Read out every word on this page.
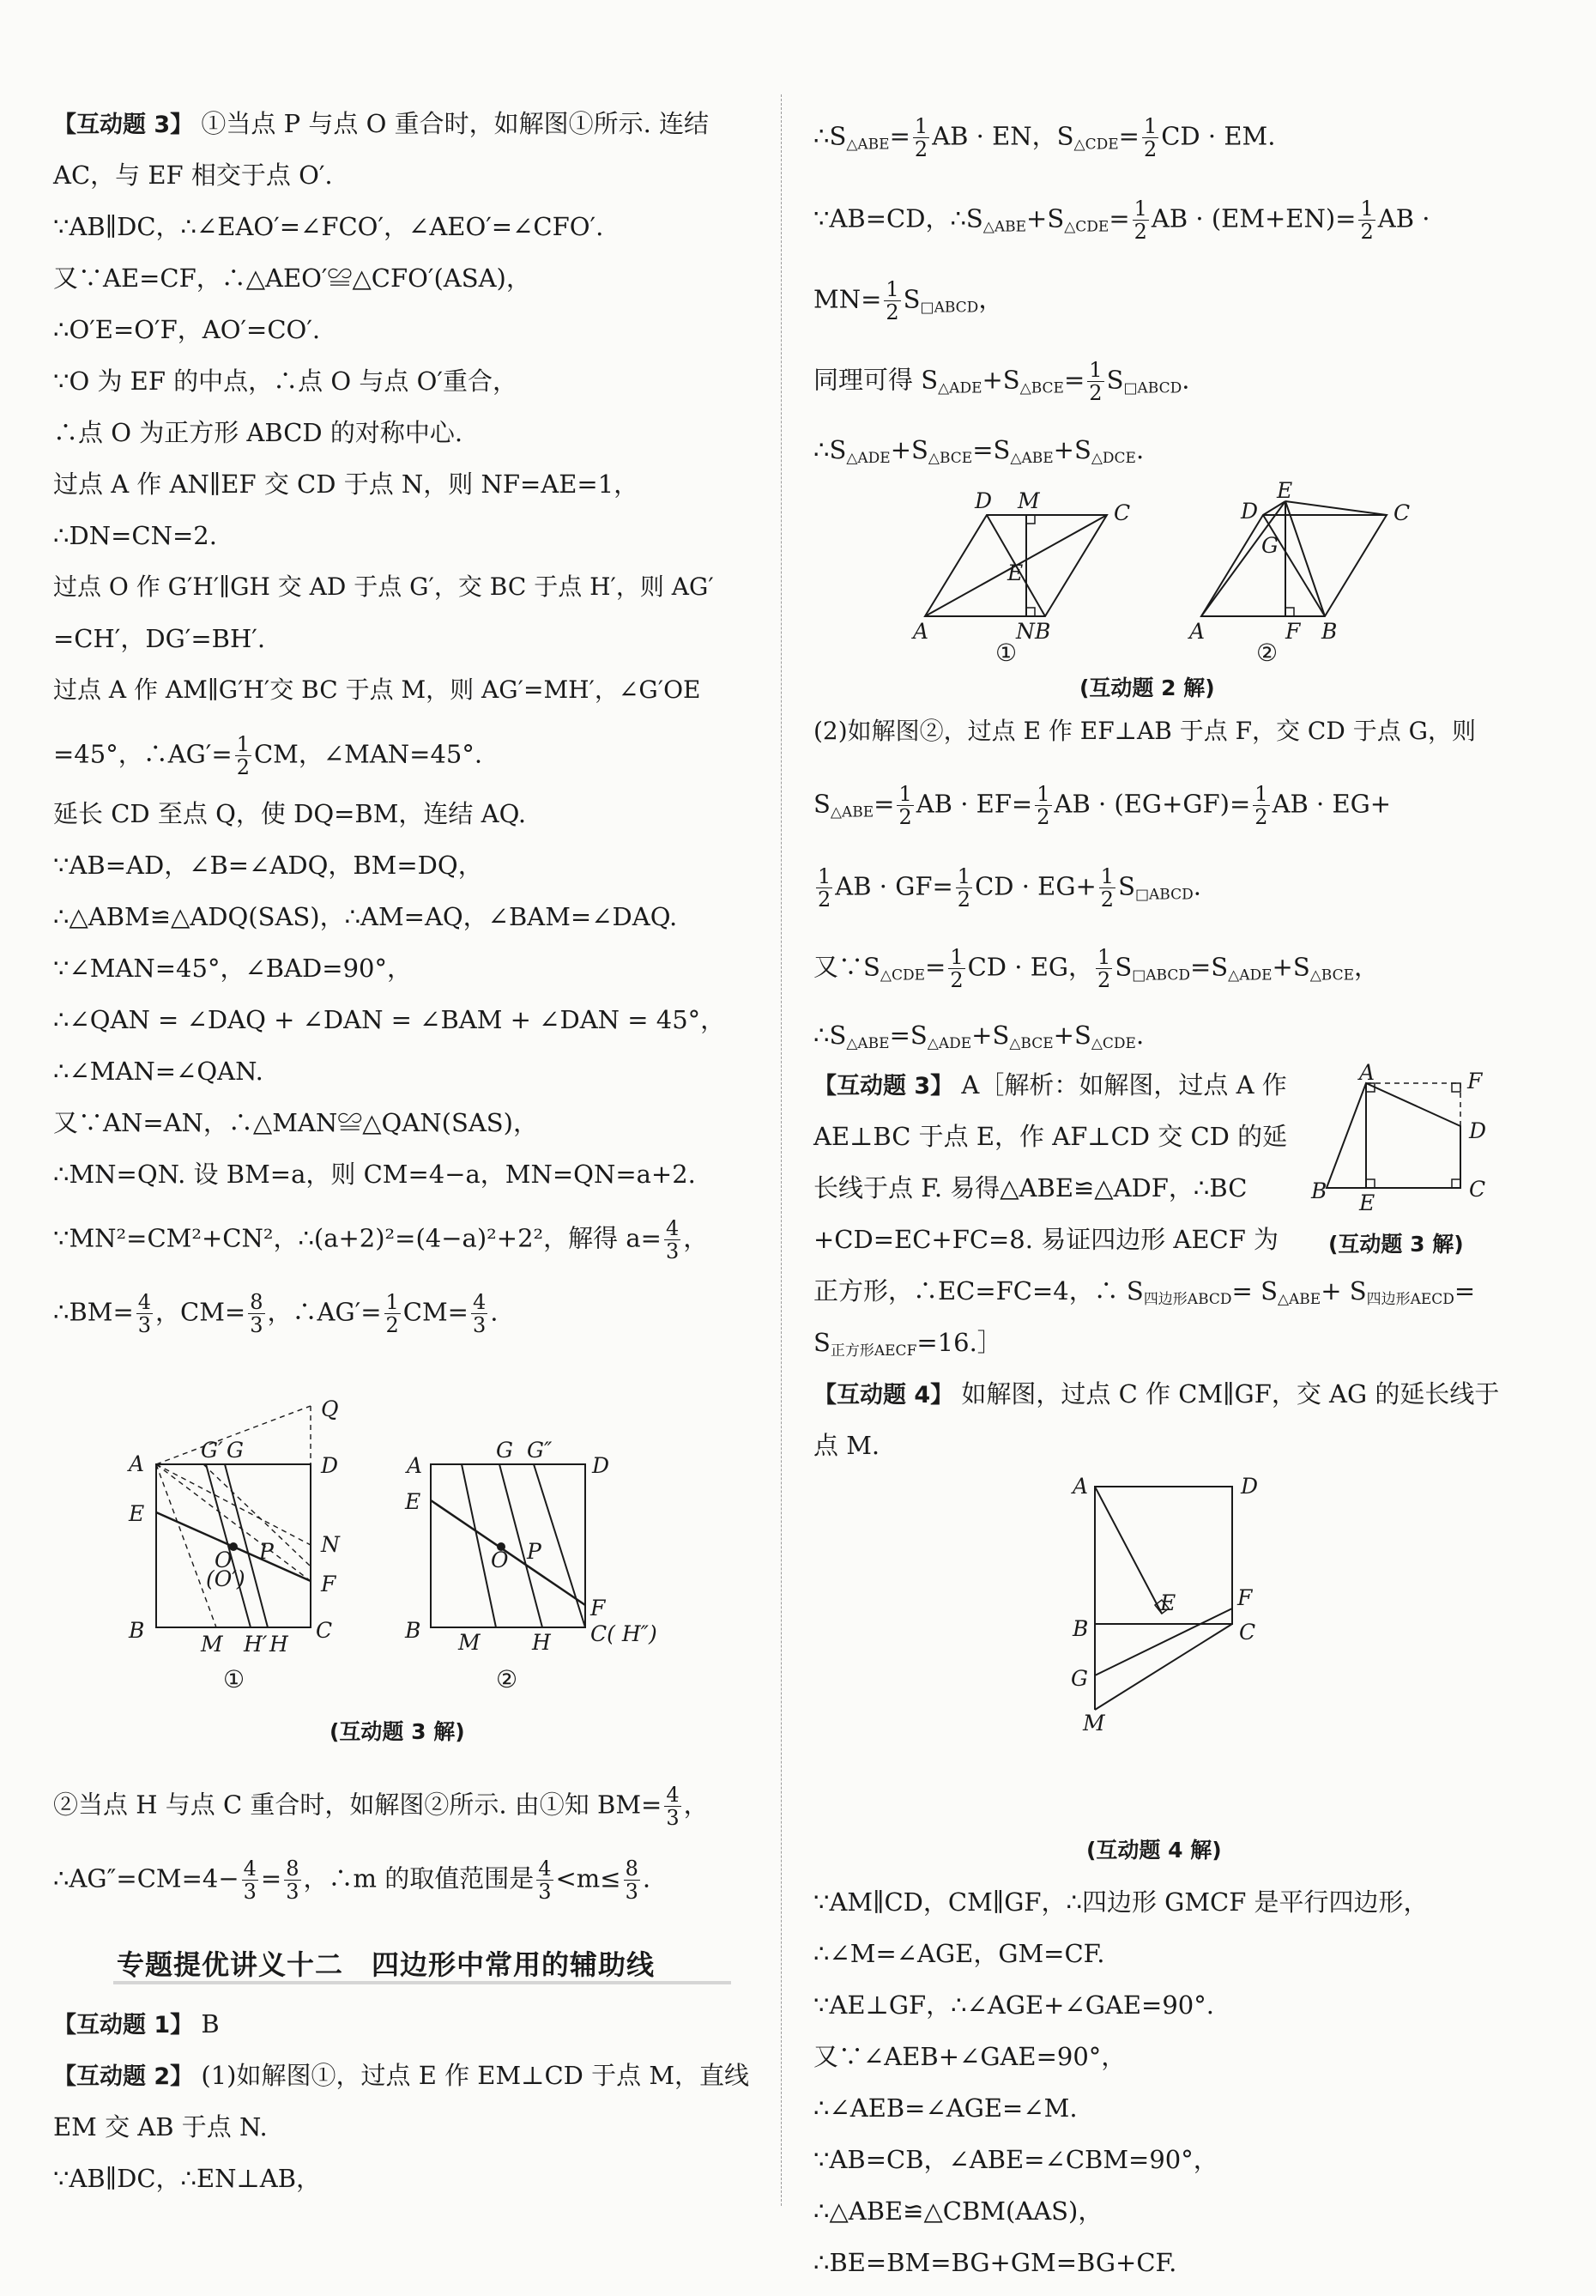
【互动题 3】 ①当点 P 与点 O 重合时，如解图①所示. 连结
AC，与 EF 相交于点 O′.
∵AB∥DC，∴∠EAO′=∠FCO′，∠AEO′=∠CFO′.
又∵AE=CF，∴△AEO′≌△CFO′(ASA)，
∴O′E=O′F，AO′=CO′.
∵O 为 EF 的中点，∴点 O 与点 O′重合，
∴点 O 为正方形 ABCD 的对称中心.
过点 A 作 AN∥EF 交 CD 于点 N，则 NF=AE=1，
∴DN=CN=2.
过点 O 作 G′H′∥GH 交 AD 于点 G′，交 BC 于点 H′，则 AG′
=CH′，DG′=BH′.
过点 A 作 AM∥G′H′交 BC 于点 M，则 AG′=MH′，∠G′OE
=45°，∴AG′= $\frac{1}{2}$ CM，∠MAN=45°.
延长 CD 至点 Q，使 DQ=BM，连结 AQ.
∵AB=AD，∠B=∠ADQ，BM=DQ，
∴△ABM≌△ADQ(SAS)，∴AM=AQ，∠BAM=∠DAQ.
∵∠MAN=45°，∠BAD=90°，
∴∠QAN = ∠DAQ + ∠DAN = ∠BAM + ∠DAN = 45°，
∴∠MAN=∠QAN.
又∵AN=AN，∴△MAN≌△QAN(SAS)，
∴MN=QN. 设 BM=a，则 CM=4−a，MN=QN=a+2.
∵MN²=CM²+CN²，∴(a+2)²=(4−a)²+2²，解得 $a= \frac{4}{3}$ ，
∴BM= $\frac{4}{3}$ ，$CM= \frac{8}{3}$ ，∴AG′= $\frac{1}{2} CM= \frac{4}{3}$ .
A
G′ G
Q
D
E
N
O
(O′)
P
F
B
M H′ H
C
①
A
G G″
D
E
O P
F
B M H C( H″)
②
(互动题 3 解)
②当点 H 与点 C 重合时，如解图②所示. 由①知 $BM= \frac{4}{3}$ ，
∴AG″=CM=4− $\frac{4}{3} = \frac{8}{3}$ ，∴m 的取值范围是 $\frac{4}{3} <m\le \frac{8}{3}$ .
专题提优讲义十二　四边形中常用的辅助线
【互动题 1】 B
【互动题 2】 (1)如解图①，过点 E 作 EM⊥CD 于点 M，直线
EM 交 AB 于点 N.
∵AB∥DC，∴EN⊥AB，
$\therefore S_{\triangle ABE}= \frac{1}{2}$ AB · EN，$S_{\triangle CDE}= \frac{1}{2}$ CD · EM.
∵AB=CD，$\therefore S_{\triangle ABE}+S_{\triangle CDE}= \frac{1}{2}$ AB · $(EM+EN)= \frac{1}{2}$ AB ·
$MN= \frac{1}{2} S_{□ABCD}$，
同理可得 $S_{\triangle ADE}+S_{\triangle BCE}= \frac{1}{2} S_{□ABCD}$.
$\therefore S_{\triangle ADE}+S_{\triangle BCE}=S_{\triangle ABE}+S_{\triangle DCE}$.
A
D M	C
E
N B
①
A
D
E
C
G
F B
②
(互动题 2 解)
(2)如解图②，过点 E 作 EF⊥AB 于点 F，交 CD 于点 G，则
$S_{\triangle ABE}= \frac{1}{2}$ AB · $EF= \frac{1}{2}$ AB · $(EG+GF)= \frac{1}{2}$ AB · EG+
$\frac{1}{2}$ AB · $GF= \frac{1}{2}$ CD · $EG+ \frac{1}{2} S_{□ABCD}$.
又$\because S_{\triangle CDE}= \frac{1}{2}$ CD · EG， $\frac{1}{2} S_{□ABCD}=S_{\triangle ADE}+S_{\triangle BCE}$，
$\therefore S_{\triangle ABE}=S_{\triangle ADE}+S_{\triangle BCE}+S_{\triangle CDE}$.
【互动题 3】 A［解析：如解图，过点 A 作
AE⊥BC 于点 E，作 AF⊥CD 交 CD 的延
长线于点 F. 易得△ABE≌△ADF，∴BC
+CD=EC+FC=8. 易证四边形 AECF 为
B
A	F
D
C
E
(互动题 3 解)
正方形，∴EC=FC=4，∴ $S_{四边形ABCD}= S_{\triangle ABE}+ S_{四边形AECD}=$
$S_{正方形AECF}=16.]$
【互动题 4】 如解图，过点 C 作 CM∥GF，交 AG 的延长线于
点 M.
A	D
F
B	C
E
G
M
(互动题 4 解)
∵AM∥CD，CM∥GF，∴四边形 GMCF 是平行四边形，
∴∠M=∠AGE，GM=CF.
∵AE⊥GF，∴∠AGE+∠GAE=90°.
又∵∠AEB+∠GAE=90°，
∴∠AEB=∠AGE=∠M.
∵AB=CB，∠ABE=∠CBM=90°，
∴△ABE≌△CBM(AAS)，
∴BE=BM=BG+GM=BG+CF.
